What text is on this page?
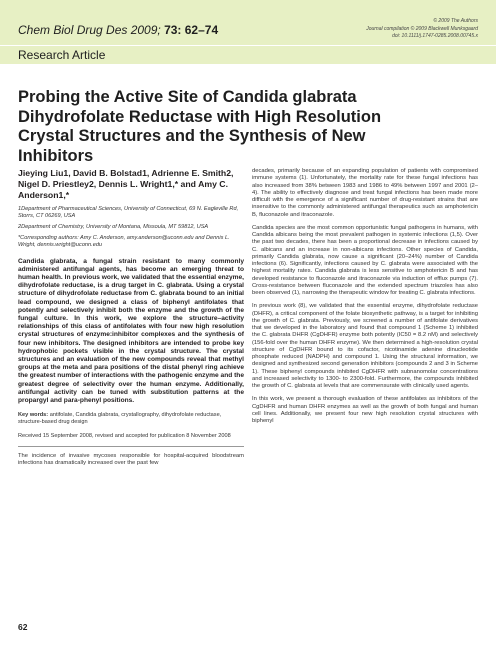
Chem Biol Drug Des 2009; 73: 62–74
© 2009 The Authors
Journal compilation © 2009 Blackwell Munksgaard
doi: 10.1111/j.1747-0285.2008.00745.x
Research Article
Probing the Active Site of Candida glabrata Dihydrofolate Reductase with High Resolution Crystal Structures and the Synthesis of New Inhibitors

Jieying Liu1, David B. Bolstad1, Adrienne E. Smith2, Nigel D. Priestley2, Dennis L. Wright1,* and Amy C. Anderson1,*

1Department of Pharmaceutical Sciences, University of Connecticut, 69 N. Eagleville Rd, Storrs, CT 06269, USA
2Department of Chemistry, University of Montana, Missoula, MT 59812, USA
*Corresponding authors: Amy C. Anderson, amy.anderson@uconn.edu and Dennis L. Wright, dennis.wright@uconn.edu

Candida glabrata, a fungal strain resistant to many commonly administered antifungal agents, has become an emerging threat to human health. In previous work, we validated that the essential enzyme, dihydrofolate reductase, is a drug target in C. glabrata. Using a crystal structure of dihydrofolate reductase from C. glabrata bound to an initial lead compound, we designed a class of biphenyl antifolates that potently and selectively inhibit both the enzyme and the growth of the fungal culture. In this work, we explore the structure–activity relationships of this class of antifolates with four new high resolution crystal structures of enzyme:inhibitor complexes and the synthesis of four new inhibitors. The designed inhibitors are intended to probe key hydrophobic pockets visible in the crystal structure. The crystal structures and an evaluation of the new compounds reveal that methyl groups at the meta and para positions of the distal phenyl ring achieve the greatest number of interactions with the pathogenic enzyme and the greatest degree of selectivity over the human enzyme. Additionally, antifungal activity can be tuned with substitution patterns at the propargyl and para-phenyl positions.

Key words: antifolate, Candida glabrata, crystallography, dihydrofolate reductase, structure-based drug design

Received 15 September 2008, revised and accepted for publication 8 November 2008

The incidence of invasive mycoses responsible for hospital-acquired bloodstream infections has dramatically increased over the past few

decades, primarily because of an expanding population of patients with compromised immune systems (1). Unfortunately, the mortality rate for these fungal infections has also increased from 38% between 1983 and 1986 to 49% between 1997 and 2001 (2–4). The ability to effectively diagnose and treat fungal infections has been made more difficult with the emergence of a significant number of drug-resistant strains that are insensitive to the commonly administered antifungal therapeutics such as amphotericin B, fluconazole and itraconazole.

Candida species are the most common opportunistic fungal pathogens in humans, with Candida albicans being the most prevalent pathogen in systemic infections (1,5). Over the past two decades, there has been a proportional decrease in infections caused by C. albicans and an increase in non-albicans infections. Other species of Candida, primarily Candida glabrata, now cause a significant (20–24%) number of Candida infections (6). Significantly, infections caused by C. glabrata were associated with the highest mortality rates. Candida glabrata is less sensitive to amphotericin B and has developed resistance to fluconazole and itraconazole via induction of efflux pumps (7). Cross-resistance between fluconazole and the extended spectrum triazoles has also been observed (1), narrowing the therapeutic window for treating C. glabrata infections.

In previous work (8), we validated that the essential enzyme, dihydrofolate reductase (DHFR), a critical component of the folate biosynthetic pathway, is a target for inhibiting the growth of C. glabrata. Previously, we screened a number of antifolate derivatives that we developed in the laboratory and found that compound 1 (Scheme 1) inhibited the C. glabrata DHFR (CgDHFR) enzyme both potently (IC50 = 8.2 nM) and selectively (156-fold over the human DHFR enzyme). We then determined a high-resolution crystal structure of CgDHFR bound to its cofactor, nicotinamide adenine dinucleotide phosphate reduced (NADPH) and compound 1. Using the structural information, we designed and synthesized second generation inhibitors (compounds 2 and 3 in Scheme 1). These biphenyl compounds inhibited CgDHFR with subnanomolar concentrations and increased selectivity to 1300- to 2300-fold. Furthermore, the compounds inhibited the growth of C. glabrata at levels that are commensurate with clinically used agents.

In this work, we present a thorough evaluation of these antifolates as inhibitors of the CgDHFR and human DHFR enzymes as well as the growth of both fungal and human cell lines. Additionally, we present four new high resolution crystal structures with biphenyl

62
